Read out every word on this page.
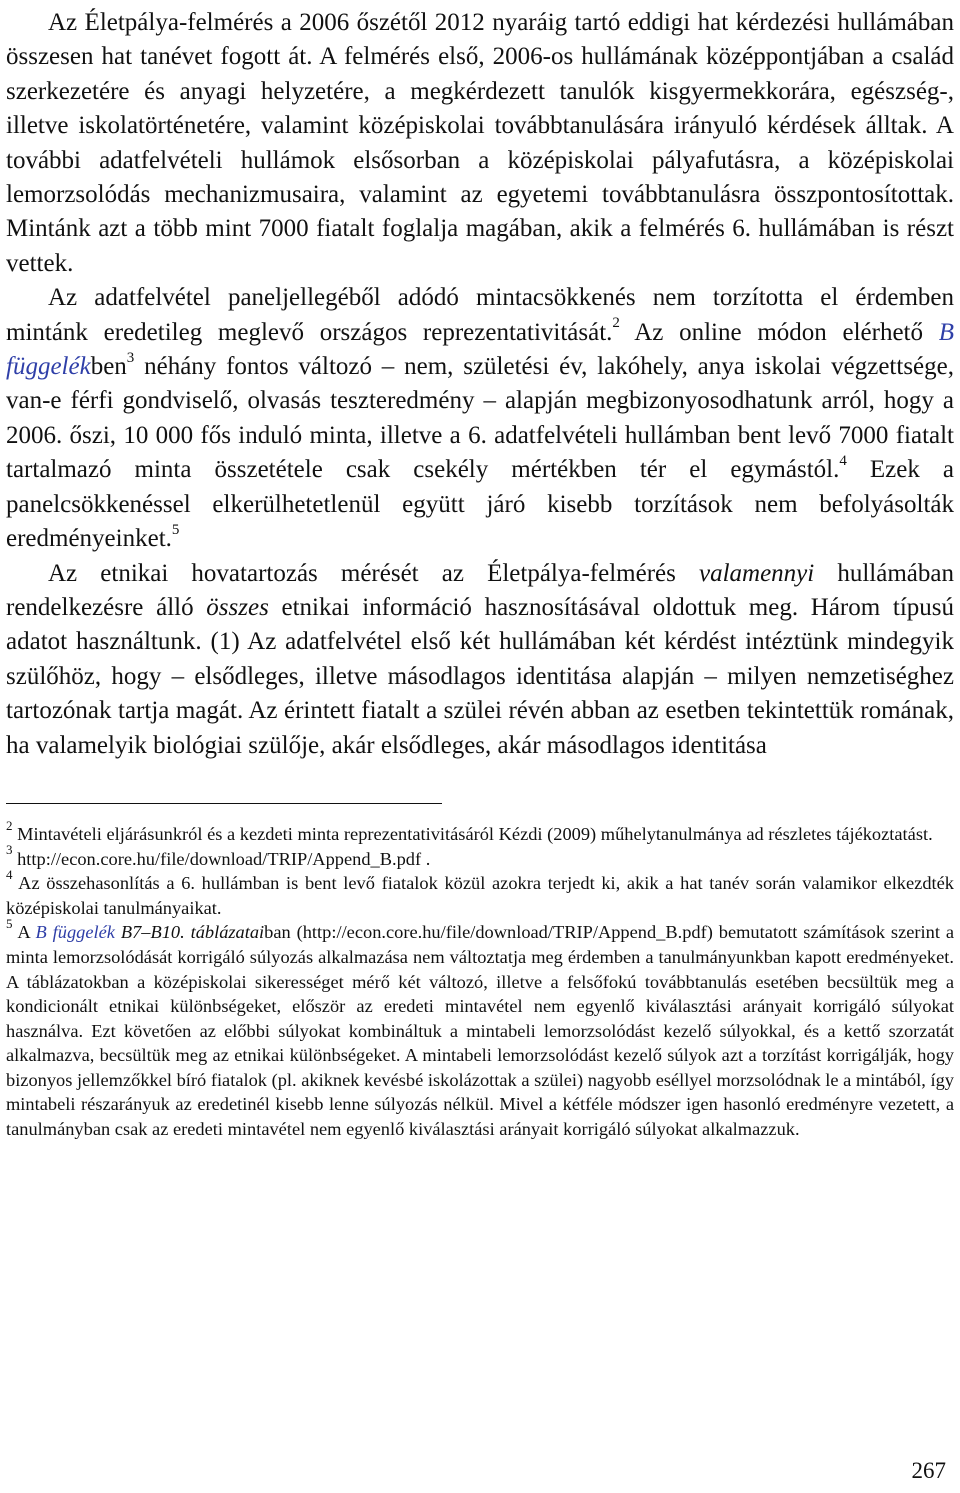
Az Életpálya-felmérés a 2006 őszétől 2012 nyaráig tartó eddigi hat kérdezési hullámában összesen hat tanévet fogott át. A felmérés első, 2006-os hullámának középpontjában a család szerkezetére és anyagi helyzetére, a megkérdezett tanulók kisgyermekkorára, egészség-, illetve iskolatörténetére, valamint középiskolai továbbtanulására irányuló kérdések álltak. A további adatfelvételi hullámok elsősorban a középiskolai pályafutásra, a középiskolai lemorzsolódás mechanizmusaira, valamint az egyetemi továbbtanulásra összpontosítottak. Mintánk azt a több mint 7000 fiatalt foglalja magában, akik a felmérés 6. hullámában is részt vettek.

Az adatfelvétel paneljellegéből adódó mintacsökkenés nem torzította el érdemben mintánk eredetileg meglevő országos reprezentativitását.$^2$ Az online módon elérhető B függelékben$^3$ néhány fontos változó – nem, születési év, lakóhely, anya iskolai végzettsége, van-e férfi gondviselő, olvasás teszteredmény – alapján megbizonyosodhatunk arról, hogy a 2006. őszi, 10 000 fős induló minta, illetve a 6. adatfelvételi hullámban bent levő 7000 fiatalt tartalmazó minta összetétele csak csekély mértékben tér el egymástól.$^4$ Ezek a panelcsökkenéssel elkerülhetetlenül együtt járó kisebb torzítások nem befolyásolták eredményeinket.$^5$

Az etnikai hovatartozás mérését az Életpálya-felmérés valamennyi hullámában rendelkezésre álló összes etnikai információ hasznosításával oldottuk meg. Három típusú adatot használtunk. (1) Az adatfelvétel első két hullámában két kérdést intéztünk mindegyik szülőhöz, hogy – elsődleges, illetve másodlagos identitása alapján – milyen nemzetiséghez tartozónak tartja magát. Az érintett fiatalt a szülei révén abban az esetben tekintettük romának, ha valamelyik biológiai szülője, akár elsődleges, akár másodlagos identitása

$^2$ Mintavételi eljárásunkról és a kezdeti minta reprezentativitásáról Kézdi (2009) műhelytanulmánya ad részletes tájékoztatást.

$^3$ http://econ.core.hu/file/download/TRIP/Append_B.pdf .

$^4$ Az összehasonlítás a 6. hullámban is bent levő fiatalok közül azokra terjedt ki, akik a hat tanév során valamikor elkezdték középiskolai tanulmányaikat.

$^5$ A B függelék B7–B10. táblázataiban (http://econ.core.hu/file/download/TRIP/Append_B.pdf) bemutatott számítások szerint a minta lemorzsolódását korrigáló súlyozás alkalmazása nem változtatja meg érdemben a tanulmányunkban kapott eredményeket. A táblázatokban a középiskolai sikerességet mérő két változó, illetve a felsőfokú továbbtanulás esetében becsültük meg a kondicionált etnikai különbségeket, először az eredeti mintavétel nem egyenlő kiválasztási arányait korrigáló súlyokat használva. Ezt követően az előbbi súlyokat kombináltuk a mintabeli lemorzsolódást kezelő súlyokkal, és a kettő szorzatát alkalmazva, becsültük meg az etnikai különbségeket. A mintabeli lemorzsolódást kezelő súlyok azt a torzítást korrigálják, hogy bizonyos jellemzőkkel bíró fiatalok (pl. akiknek kevésbé iskolázottak a szülei) nagyobb eséllyel morzsolódnak le a mintából, így mintabeli részarányuk az eredetinél kisebb lenne súlyozás nélkül. Mivel a kétféle módszer igen hasonló eredményre vezetett, a tanulmányban csak az eredeti mintavétel nem egyenlő kiválasztási arányait korrigáló súlyokat alkalmazzuk.

267
